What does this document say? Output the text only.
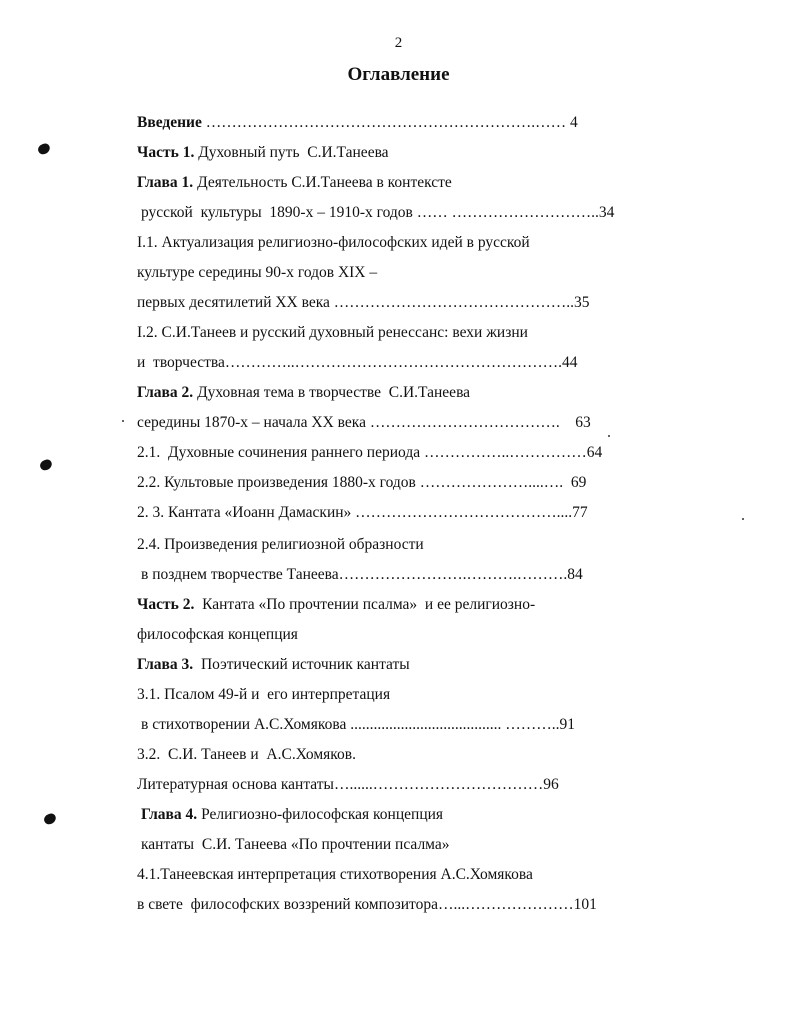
2
Оглавление
Введение ……………………………………………………….…… 4
Часть 1. Духовный путь  С.И.Танеева
Глава 1. Деятельность С.И.Танеева в контексте
русской  культуры  1890-х – 1910-х годов …… ………………………..34
I.1. Актуализация религиозно-философских идей в русской
культуре середины 90-х годов XIX –
первых десятилетий XX века ………………………………………..35
I.2. С.И.Танеев и русский духовный ренессанс: вехи жизни
и  творчества…………..…………………………………………….44
Глава 2. Духовная тема в творчестве  С.И.Танеева
середины 1870-х – начала XX века ……………………………….    63
2.1.  Духовные сочинения раннего периода ……………..……………64
2.2. Культовые произведения 1880-х годов …………………....….  69
2. 3. Кантата «Иоанн Дамаскин» …………………………………....77
2.4. Произведения религиозной образности
в позднем творчестве Танеева…………………….……….……….84
Часть 2.  Кантата «По прочтении псалма»  и ее религиозно-
философская концепция
Глава 3.  Поэтический источник кантаты
3.1. Псалом 49-й и  его интерпретация
в стихотворении А.С.Хомякова ....................................... ………..91
3.2.  С.И. Танеев и  А.С.Хомяков.
Литературная основа кантаты…......……………………………96
Глава 4. Религиозно-философская концепция
кантаты  С.И. Танеева «По прочтении псалма»
4.1.Танеевская интерпретация стихотворения А.С.Хомякова
в свете  философских воззрений композитора…...…………………101
